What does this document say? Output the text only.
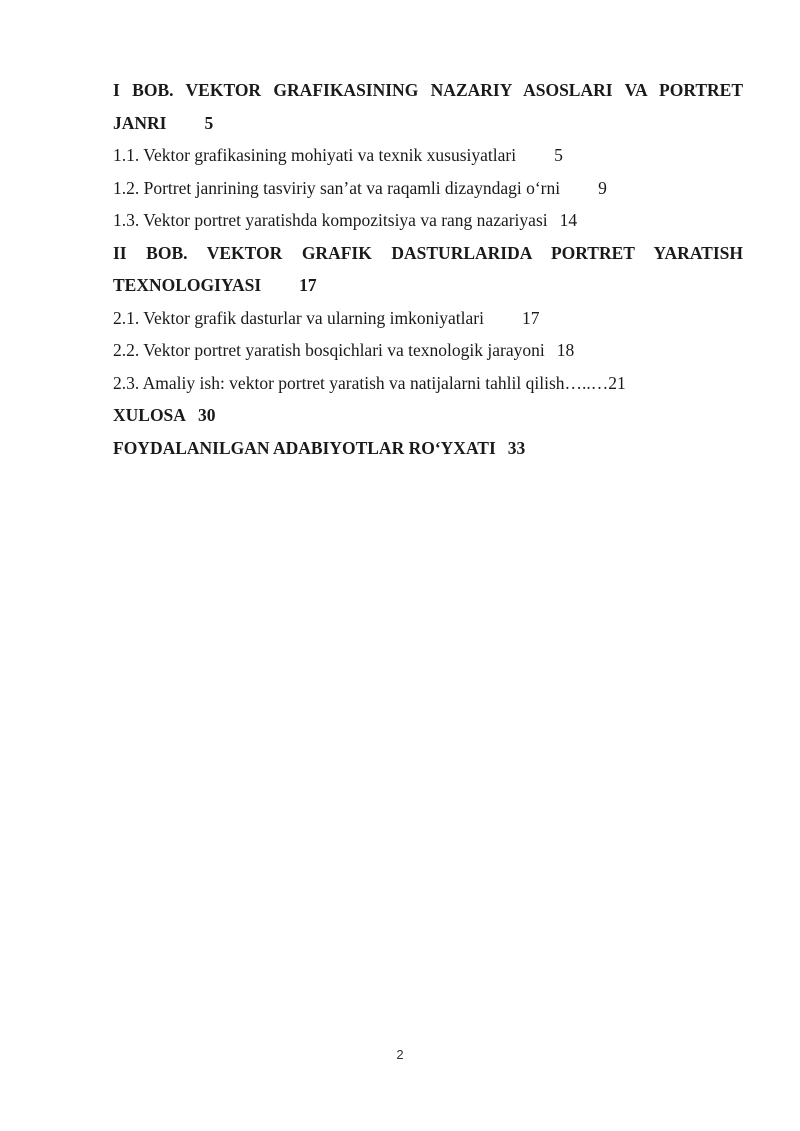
I BOB. VEKTOR GRAFIKASINING NAZARIY ASOSLARI VA PORTRET
JANRI 5
1.1. Vektor grafikasining mohiyati va texnik xususiyatlari 5
1.2. Portret janrining tasviriy san’at va raqamli dizayndagi o‘rni 9
1.3. Vektor portret yaratishda kompozitsiya va rang nazariyasi 14
II BOB. VEKTOR GRAFIK DASTURLARIDA PORTRET YARATISH
TEXNOLOGIYASI 17
2.1. Vektor grafik dasturlar va ularning imkoniyatlari 17
2.2. Vektor portret yaratish bosqichlari va texnologik jarayoni 18
2.3. Amaliy ish: vektor portret yaratish va natijalarni tahlil qilish…..…21
XULOSA 30
FOYDALANILGAN ADABIYOTLAR RO‘YXATI 33
2
